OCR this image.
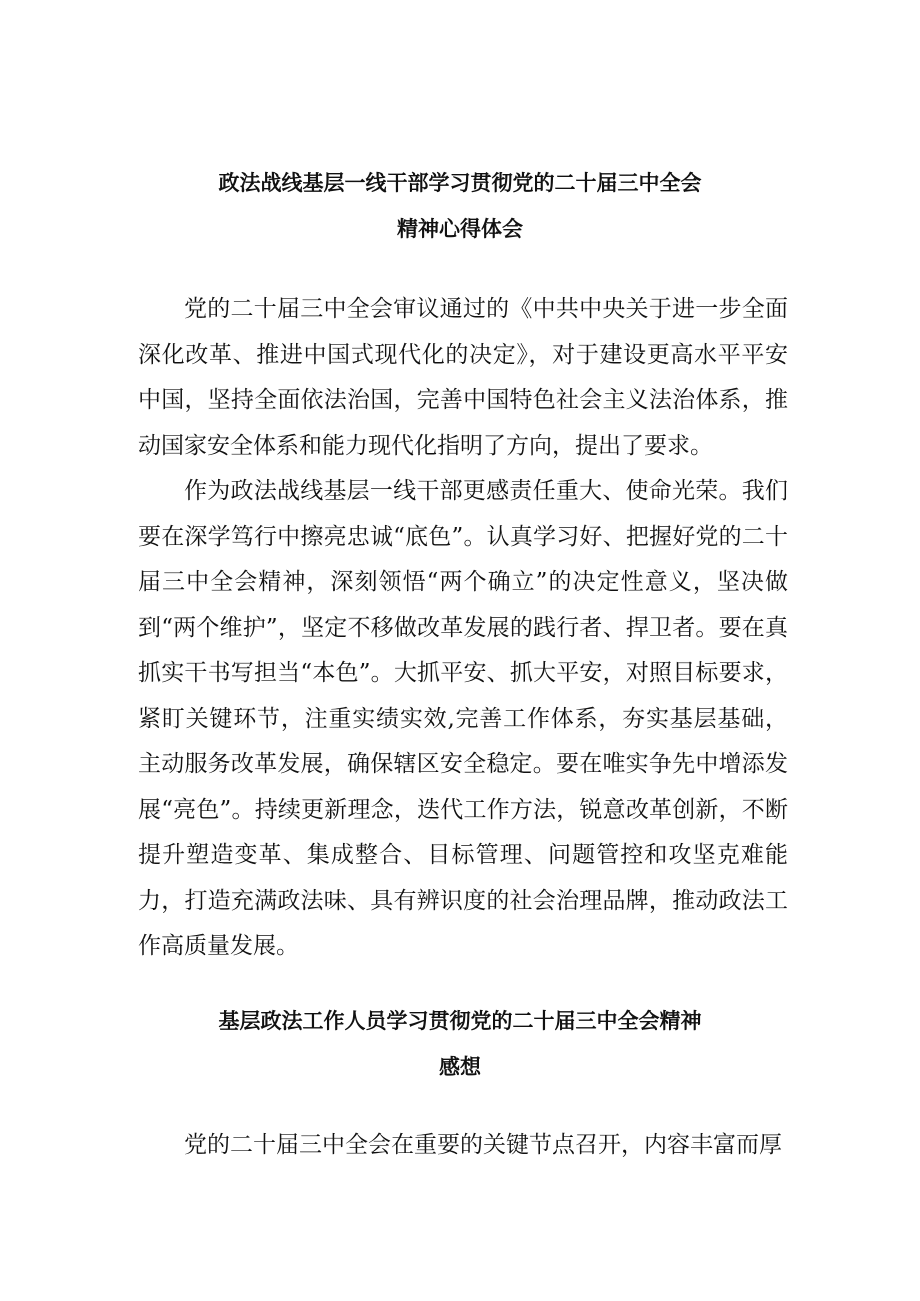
政法战线基层一线干部学习贯彻党的二十届三中全会
精神心得体会

党的二十届三中全会审议通过的《中共中央关于进一步全面深化改革、推进中国式现代化的决定》，对于建设更高水平平安中国，坚持全面依法治国，完善中国特色社会主义法治体系，推动国家安全体系和能力现代化指明了方向，提出了要求。

作为政法战线基层一线干部更感责任重大、使命光荣。我们要在深学笃行中擦亮忠诚“底色”。认真学习好、把握好党的二十届三中全会精神，深刻领悟“两个确立”的决定性意义，坚决做到“两个维护”，坚定不移做改革发展的践行者、捍卫者。要在真抓实干书写担当“本色”。大抓平安、抓大平安，对照目标要求，紧盯关键环节，注重实绩实效,完善工作体系，夯实基层基础，主动服务改革发展，确保辖区安全稳定。要在唯实争先中增添发展“亮色”。持续更新理念，迭代工作方法，锐意改革创新，不断提升塑造变革、集成整合、目标管理、问题管控和攻坚克难能力，打造充满政法味、具有辨识度的社会治理品牌，推动政法工作高质量发展。

基层政法工作人员学习贯彻党的二十届三中全会精神
感想

党的二十届三中全会在重要的关键节点召开，内容丰富而厚
